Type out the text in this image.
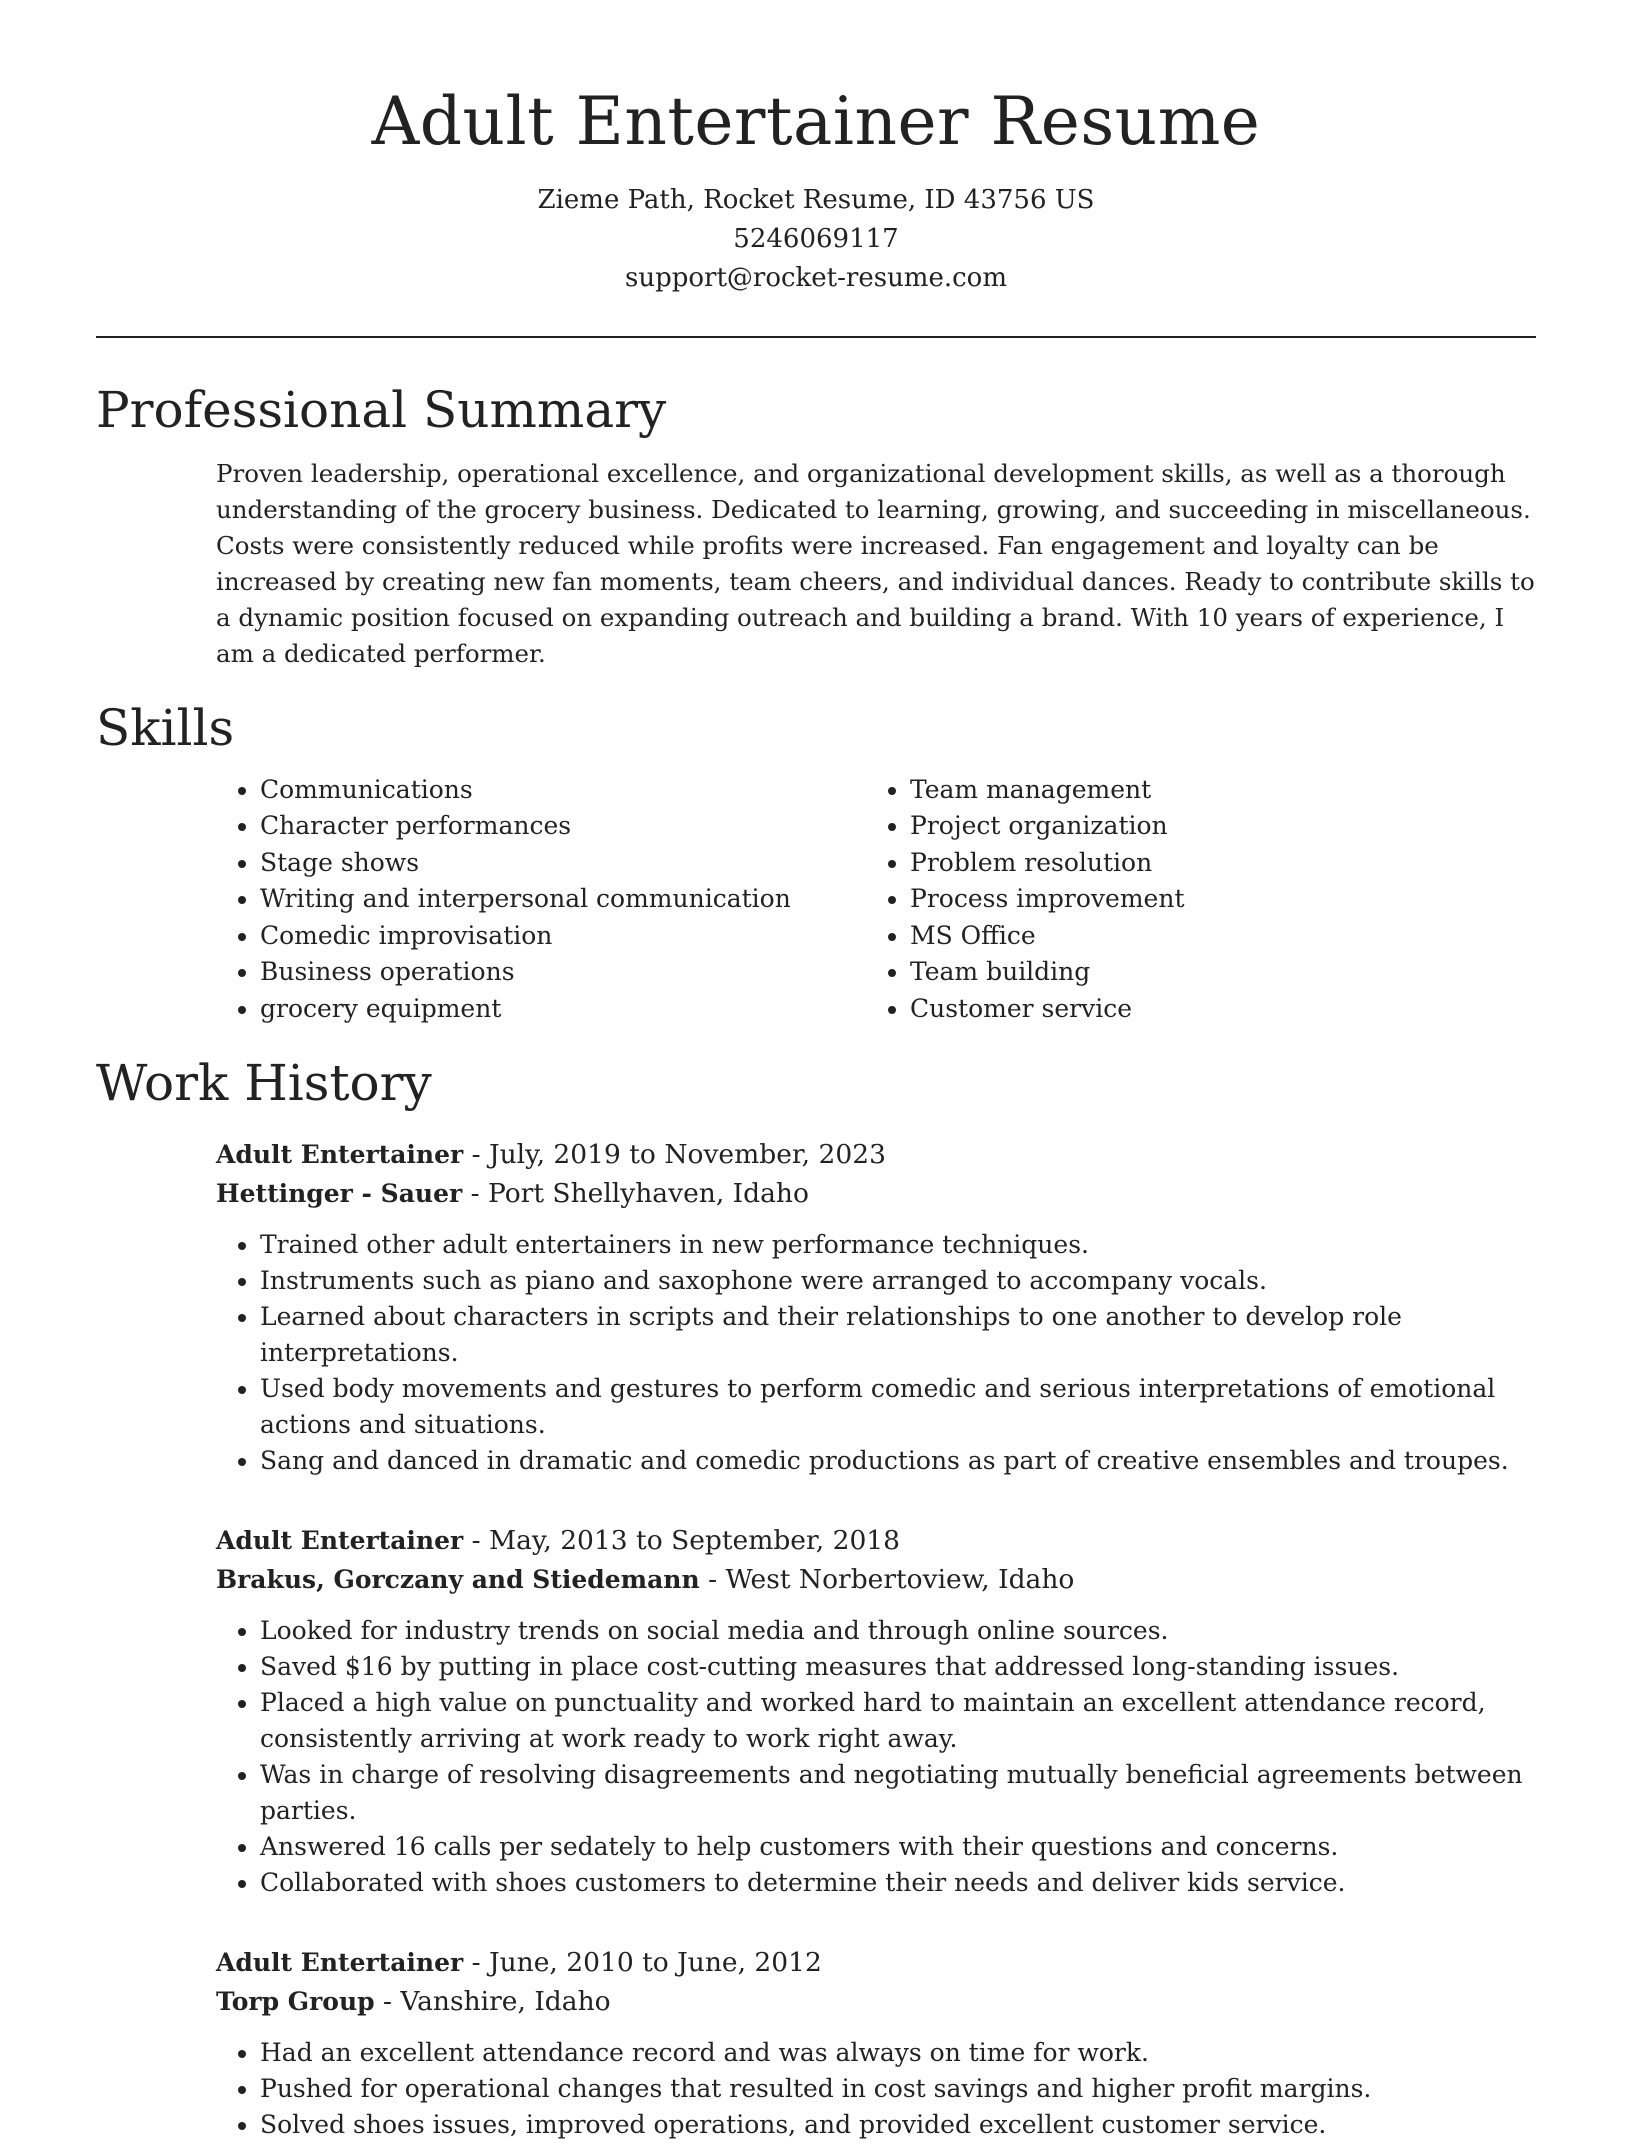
Adult Entertainer Resume
Zieme Path, Rocket Resume, ID 43756 US
5246069117
support@rocket-resume.com
Professional Summary

Proven leadership, operational excellence, and organizational development skills, as well as a thorough understanding of the grocery business. Dedicated to learning, growing, and succeeding in miscellaneous. Costs were consistently reduced while profits were increased. Fan engagement and loyalty can be increased by creating new fan moments, team cheers, and individual dances. Ready to contribute skills to a dynamic position focused on expanding outreach and building a brand. With 10 years of experience, I am a dedicated performer.

Skills
• Communications
• Character performances
• Stage shows
• Writing and interpersonal communication
• Comedic improvisation
• Business operations
• grocery equipment
• Team management
• Project organization
• Problem resolution
• Process improvement
• MS Office
• Team building
• Customer service
Work History
Adult Entertainer - July, 2019 to November, 2023
Hettinger - Sauer - Port Shellyhaven, Idaho
• Trained other adult entertainers in new performance techniques.
• Instruments such as piano and saxophone were arranged to accompany vocals.
• Learned about characters in scripts and their relationships to one another to develop role interpretations.
• Used body movements and gestures to perform comedic and serious interpretations of emotional actions and situations.
• Sang and danced in dramatic and comedic productions as part of creative ensembles and troupes.
Adult Entertainer - May, 2013 to September, 2018
Brakus, Gorczany and Stiedemann - West Norbertoview, Idaho
• Looked for industry trends on social media and through online sources.
• Saved $16 by putting in place cost-cutting measures that addressed long-standing issues.
• Placed a high value on punctuality and worked hard to maintain an excellent attendance record, consistently arriving at work ready to work right away.
• Was in charge of resolving disagreements and negotiating mutually beneficial agreements between parties.
• Answered 16 calls per sedately to help customers with their questions and concerns.
• Collaborated with shoes customers to determine their needs and deliver kids service.
Adult Entertainer - June, 2010 to June, 2012
Torp Group - Vanshire, Idaho
• Had an excellent attendance record and was always on time for work.
• Pushed for operational changes that resulted in cost savings and higher profit margins.
• Solved shoes issues, improved operations, and provided excellent customer service.
